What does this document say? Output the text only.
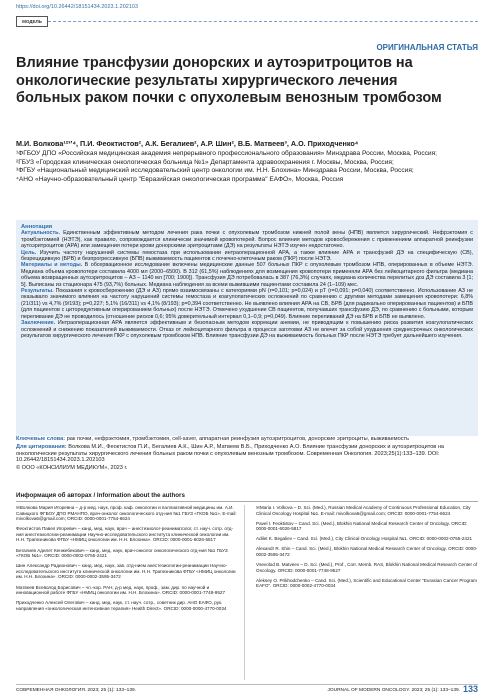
https://doi.org/10.26442/18151434.2023.1.202103
МОДЕЛЬ
ОРИГИНАЛЬНАЯ СТАТЬЯ
Влияние трансфузии донорских и аутоэритроцитов на онкологические результаты хирургического лечения больных раком почки с опухолевым венозным тромбозом
М.И. Волкова¹²³ʼ⁴, П.И. Феоктистов², А.К. Бегалиев², А.Р. Шин², В.Б. Матвеев³, А.О. Приходченко⁴
¹ФГБОУ ДПО «Российская медицинская академия непрерывного профессионального образования» Минздрава России, Москва, Россия;
²ГБУЗ «Городская клиническая онкологическая больница №1» Департамента здравоохранения г. Москвы, Москва, Россия;
³ФГБУ «Национальный медицинский исследовательский центр онкологии им. Н.Н. Блохина» Минздрава России, Москва, Россия;
⁴АНО «Научно-образовательный центр "Евразийская онкологическая программа" ЕАФО», Москва, Россия
Аннотация

Актуальность. Единственным эффективным методом лечения рака почки с опухолевым тромбозом нижней полой вены (НПВ) является хирургический. Нефрэктомия с тромбэктомией (НЭТЭ), как правило, сопровождается клинически значимой кровопотерей. Вопрос влияния методов кровосбережения с применением аппаратной реинфузии аутоэритроцитов (АРА) или замещения потери крови донорскими эритроцитами (ДЭ) на результаты НЭТЭ изучен недостаточно.

Цель. Изучить частоту нарушений системы гемостаза при использовании интраоперационной АРА, а также влияние АРА и трансфузий ДЭ на специфическую (СВ), безрецидивную (БРВ) и безпрогрессивную (БПВ) выживаемость пациентов с почечно-клеточным раком (ПКР) после НЭТЭ.

Материалы и методы. В обсервационное исследование включены медицинские данные 507 больных ПКР с опухолевым тромбозом НПВ, оперированных в объеме НЭТЭ. Медиана объема кровопотери составила 4000 мл (2000–6500). В 312 (61,5%) наблюдениях для возмещения кровопотери применяли АРА без лейкоцитарного фильтра (медиана объема возвращенных аутоэритроцитов – АЗ – 1140 мл [700; 1900]). Трансфузия ДЭ потребовалась в 387 (76,3%) случаях, медиана количества перелитых доз ДЭ составила 3 [1; 5]. Выписаны из стационара 475 (93,7%) больных. Медиана наблюдения за всеми выжившими пациентами составила 24 (1–109) мес.

Результаты. Показания к кровосбережению (ДЭ и АЗ) прямо взаимосвязаны с категориями pN (r=0,101; p=0,024) и pT (r=0,091; p=0,040) соответственно. Использование АЗ не оказывало значимого влияния на частоту нарушений системы гемостаза и коагулопатических осложнений по сравнению с другими методами замещения кровопотери: 6,8% (21/311) vs 4,7% (9/193); p=0,227; 5,1% (16/311) vs 4,1% (8/193); p=0,394 соответственно. Не выявлено влияния АРА на СВ, БРВ (для радикально оперированных пациентов) и БПВ (для пациентов с циторедуктивным оперированием больных) после НЭТЭ. Отмечено ухудшение СВ пациентов, получавших трансфузию ДЭ, по сравнению с больными, которым переливание ДЭ не проводилось (отношение рисков 0,6; 95% доверительный интервал 0,1–0,9; p=0,049). Влияние переливаний ДЭ на БРВ и БПВ не выявлено.

Заключение. Интраоперационная АРА является эффективным и безопасным методом коррекции анемии, не приводящим к повышению риска развития коагулопатических осложнений и снижению показателей выживаемости. Отказ от лейкоцитарного фильтра в процессе заготовки АЗ не влечет за собой ухудшения среднесрочных онкологических результатов хирургического лечения ПКР с опухолевым тромбозом НПВ. Влияние трансфузии ДЭ на выживаемость больных ПКР после НЭТЭ требует дальнейшего изучения.

Ключевые слова: рак почки, нефрэктомия, тромбэктомия, cell-saver, аппаратная реинфузия аутоэритроцитов, донорские эритроциты, выживаемость

Для цитирования: Волкова М.И., Феоктистов П.И., Бегалиев А.К., Шин А.Р., Матвеев В.Б., Приходченко А.О. Влияние трансфузии донорских и аутоэритроцитов на онкологические результаты хирургического лечения больных раком почки с опухолевым венозным тромбозом. Современная Онкология. 2023;25(1):133–139. DOI: 10.26442/18151434.2023.1.202103

© ООО «КОНСИЛИУМ МЕДИКУМ», 2023 г.

Информация об авторах / Information about the authors
✉Волкова Мария Игоревна – д-р мед. наук, проф. каф. онкологии и паллиативной медицины им. А.И. Савицкого ФГБОУ ДПО РМАНПО, врач-онколог онкологического отд-ния №1 ГБУЗ «ГКОБ №1». E-mail: mivolkova6@gmail.com; ORCID: 0000-0001-7754-6624
Феоктистов Павел Игоревич – канд. мед. наук, врач – анестезиолог-реаниматолог, ст. науч. сотр. отд-ния анестезиологии-реанимации Научно-исследовательского института клинической онкологии им. Н.Н. Трапезникова ФГБУ «НМИЦ онкологии им. Н.Н. Блохина». ORCID: 0000-0001-6026-5817
Бегалиев Адилет Кенжебекович – канд. мед. наук, врач-онколог онкологического отд-ния №1 ГБУЗ «ГКОБ №1». ORCID: 0000-0002-0755-2421
Шин Александр Радионович – канд. мед. наук, зав. отд-нием анестезиологии-реанимации Научно-исследовательского института клинической онкологии им. Н.Н. Трапезникова ФГБУ «НМИЦ онкологии им. Н.Н. Блохина». ORCID: 0000-0002-3595-3472
Матвеев Всеволод Борисович – чл.-кор. РАН, д-р мед. наук, проф., зам. дир. по научной и инновационной работе ФГБУ «НМИЦ онкологии им. Н.Н. Блохина». ORCID: 0000-0001-7748-9527
Приходченко Алексей Олегович – канд. мед. наук, ст. науч. сотр., советник дир. АНО ЕАФО, рук. направления «онкологическая интенсивная терапия» Health Direct». ORCID: 0000-0000-4770-0034
✉Maria I. Volkova – D. Sci. (Med.), Russian Medical Academy of Continuous Professional Education, City Clinical Oncology Hospital №1. E-mail: mivolkova6@gmail.com; ORCID: 0000-0001-7754-6624
Pavel I. Feoktistov – Cand. Sci. (Med.), Blokhin National Medical Research Center of Oncology. ORCID: 0000-0001-6026-5817
Adilet K. Begaliev – Cand. Sci. (Med.), City Clinical Oncology Hospital №1. ORCID: 0000-0002-0755-2421
Alexandr R. Shin – Cand. Sci. (Med.), Blokhin National Medical Research Center of Oncology. ORCID: 0000-0002-3595-3472
Vsevolod B. Matveev – D. Sci. (Med.), Prof., Corr. Memb. RAS, Blokhin National Medical Research Center of Oncology. ORCID: 0000-0001-7748-9527
Aleksey O. Prikhodchenko – Cand. Sci. (Med.), Scientific and Educational Center "Eurasian Cancer Program EAFO". ORCID: 0000-0002-4770-0034
СОВРЕМЕННАЯ ОНКОЛОГИЯ. 2023; 25 (1): 133–139.	JOURNAL OF MODERN ONCOLOGY. 2023; 25 (1): 133–139. 133
